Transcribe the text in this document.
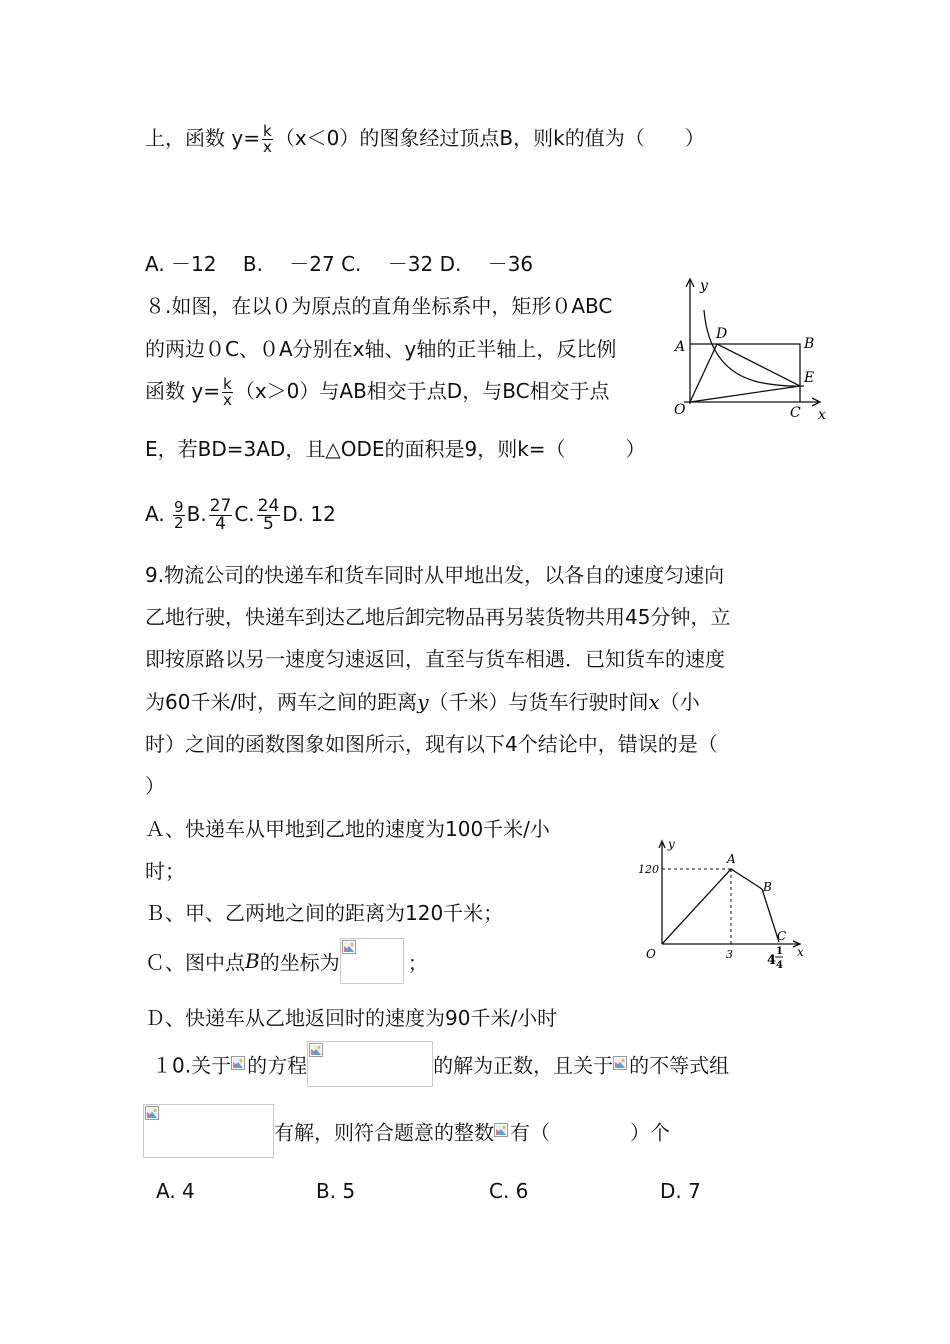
上，函数 $y= \frac{k}{x} (x<0)$的图象经过顶点B，则k的值为（　　）
A. －12　 B.　 －27 C.　 －32 D.　 －36
８.如图，在以０为原点的直角坐标系中，矩形０ABC
的两边０C、０A分别在x轴、y轴的正半轴上，反比例
函数 $y= \frac{k}{x} (x>0)$与AB相交于点D，与BC相交于点
E，若BD=3AD，且△ODE的面积是9，则k=（　　　）
A. $\frac{9}{2} B$. $\frac{27}{4} C$. $\frac{24}{5} D$. 12
y
A
D
B
E
O	C x
9.物流公司的快递车和货车同时从甲地出发，以各自的速度匀速向
乙地行驶，快递车到达乙地后卸完物品再另装货物共用45分钟，立
即按原路以另一速度匀速返回，直至与货车相遇．已知货车的速度
为60千米/时，两车之间的距离y（千米）与货车行驶时间x（小
时）之间的函数图象如图所示，现有以下4个结论中，错误的是（
）
Ａ、快递车从甲地到乙地的速度为100千米/小
时；
Ｂ、甲、乙两地之间的距离为120千米；
Ｃ、图中点B的坐标为	；
Ｄ、快递车从乙地返回时的速度为90千米/小时
y
120
A
B
C
O	3	x
4
1
4
１0.关于 的方程	的解为正数，且关于 的不等式组
有解，则符合题意的整数 有（　　　　）个
A. 4	B. 5	C. 6	D. 7
